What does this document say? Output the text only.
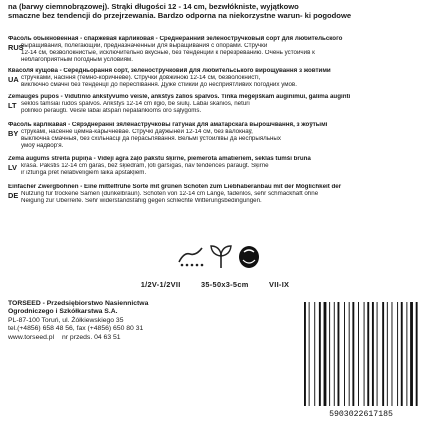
na (barwy ciemnobrązowej). Strąki długości 12 - 14 cm, bezwłókniste, wyjątkowo smaczne bez tendencji do przejrzewania. Bardzo odporna na niekorzystne warun- ki pogodowe
Фасоль обыкновенная - спаржевая карликовая - Среднеранний зеленостручковый сорт для любительского
RUS
выращивания, полегающий, предназначенный для выращивания с опорами. Стручки
12-14 см, безволокнистые, исключительно вкусные, без тенденции к перезреванию. Очень устойчив к
неблагоприятным погодным условиям.
Квасоля кущова - Середньорання сорт, зеленостручковий для любительського вирощування з жовтими
UA стручками, насіння (темно-коричневе). Стручки довжиною 12-14 см, безволокнисті,
виключно смачні без тенденції до переспівання. Дуже стійкий до несприятливих погодних умов.
Žemaūgės pupos - Vidutinio ankstyvumo veislė, ankštys žalios spalvos. Tinka mėgėjiškam auginimui, galima auginti
LT sėklos tamsiai rudos spalvos. Ankštys 12-14 cm ilgio, be siūlų. Labai skanios, neturi
polinkio peraugti. Veislė labai atspari nepalankioms oro sąlygoms.
Фасоль карлікавая - Сярэднеранні зялёнастручковы гатунак для аматарскага вырошчвання, з жоўтымі
BY струкамі, насенне цёмна-карычневае. Стручкі даўжынёй 12-14 см, без валокнаў,
выключна смачныя, без схільнасці да перасьпявання. Вельмі ўстойлівы да неспрыяльных
умоў надвор'я.
Zema augums streita pupiņa - Vidēji agra zaļo pākstu šķirne, piemērota amatieriem, sēklas tumši brūnā
LV krāsā. Pākstis 12-14 cm garas, bez šķiedrām, ļoti garšīgas, nav tendences pāraugt. Šķirne
ir izturīga pret nelabvēlīgiem laika apstākļiem.
Einfacher Zwergbohnen - Eine mittelfrühe Sorte mit grünen Schoten zum Liebhaberanbau mit der Möglichkeit der
DE Nutzung für trockene Samen (dunkelbraun). Schoten von 12-14 cm Länge, fadenlos, sehr schmackhaft ohne
Neigung zur Überreife. Sehr widerstandsfähig gegen schlechte Witterungsbedingungen.
1/2V-1/2VII	35-50x3-5cm	VII-IX
TORSEED - Przedsiębiorstwo Nasiennictwa
Ogrodniczego i Szkółkarstwa S.A.
PL-87-100 Toruń, ul. Żółkiewskiego 35
tel.(+4856) 658 48 56, fax (+4856) 650 80 31
www.torseed.pl nr przeds. 04 63 51
5903022617185
